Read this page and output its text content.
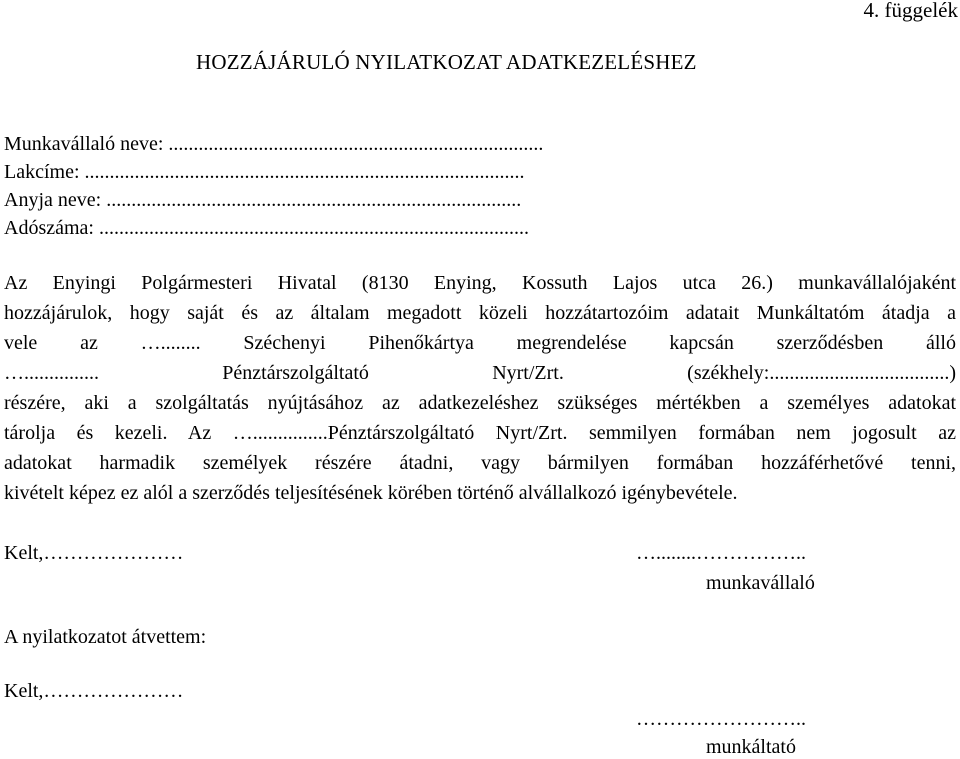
4. függelék
HOZZÁJÁRULÓ NYILATKOZAT ADATKEZELÉSHEZ
Munkavállaló neve: ...........................................................................
Lakcíme: ........................................................................................
Anyja neve: ...................................................................................
Adószáma: ......................................................................................
Az Enyingi Polgármesteri Hivatal (8130 Enying, Kossuth Lajos utca 26.) munkavállalójaként
hozzájárulok, hogy saját és az általam megadott közeli hozzátartozóim adatait Munkáltatóm átadja a
vele az …........ Széchenyi Pihenőkártya megrendelése kapcsán szerződésben álló
…............... Pénztárszolgáltató Nyrt/Zrt. (székhely:....................................)
részére, aki a szolgáltatás nyújtásához az adatkezeléshez szükséges mértékben a személyes adatokat
tárolja és kezeli. Az …...............Pénztárszolgáltató Nyrt/Zrt. semmilyen formában nem jogosult az
adatokat harmadik személyek részére átadni, vagy bármilyen formában hozzáférhetővé tenni,
kivételt képez ez alól a szerződés teljesítésének körében történő alvállalkozó igénybevétele.
Kelt,…………………	…........……………..
munkavállaló
A nyilatkozatot átvettem:
Kelt,…………………
……………………..
munkáltató
